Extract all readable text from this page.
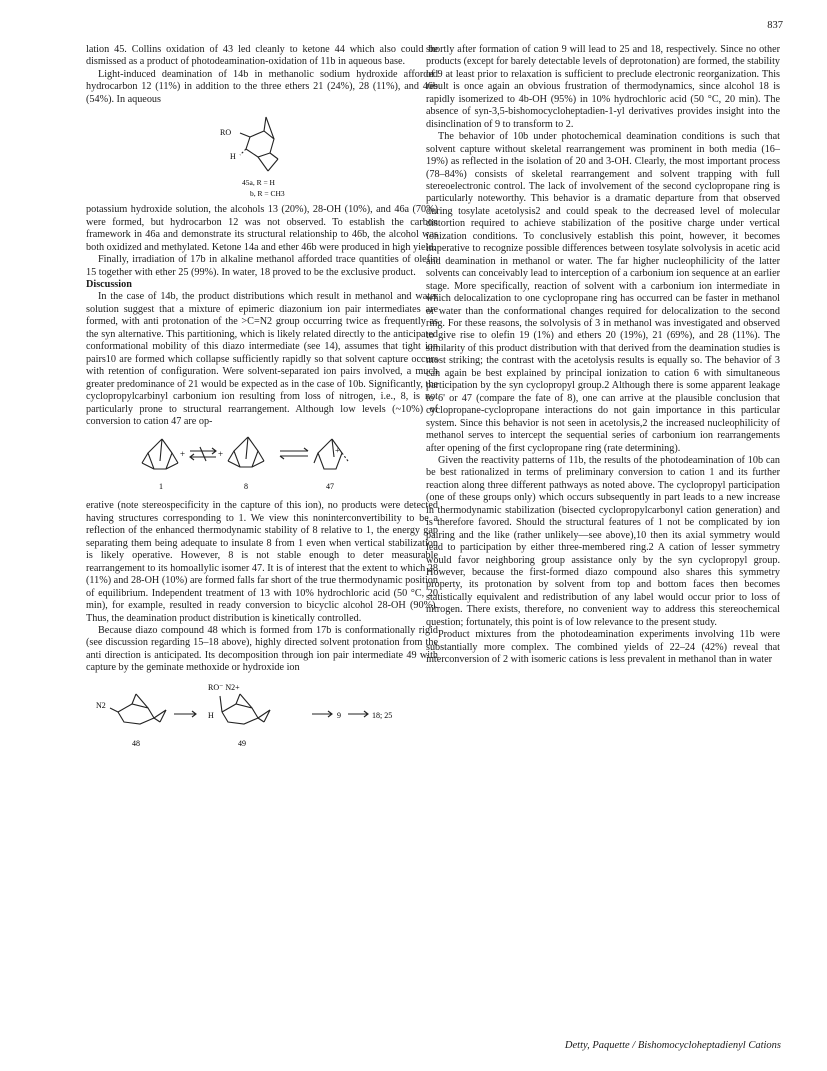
837

lation 45. Collins oxidation of 43 led cleanly to ketone 44 which also could be dismissed as a product of photodeamination-oxidation of 11b in aqueous base.

Light-induced deamination of 14b in methanolic sodium hydroxide afforded hydrocarbon 12 (11%) in addition to the three ethers 21 (24%), 28 (11%), and 46b (54%). In aqueous

RO
H
45a, R = H
b, R = CH3

potassium hydroxide solution, the alcohols 13 (20%), 28-OH (10%), and 46a (70%) were formed, but hydrocarbon 12 was not observed. To establish the carbon framework in 46a and demonstrate its structural relationship to 46b, the alcohol was both oxidized and methylated. Ketone 14a and ether 46b were produced in high yield.

Finally, irradiation of 17b in alkaline methanol afforded trace quantities of olefin 15 together with ether 25 (99%). In water, 18 proved to be the exclusive product.

Discussion

In the case of 14b, the product distributions which result in methanol and water solution suggest that a mixture of epimeric diazonium ion pair intermediates are formed, with anti protonation of the >C=N2 group occurring twice as frequently as the syn alternative. This partitioning, which is likely related directly to the anticipated conformational mobility of this diazo intermediate (see 14), assumes that tight ion pairs10 are formed which collapse sufficiently rapidly so that solvent capture occurs with retention of configuration. Were solvent-separated ion pairs involved, a much greater predominance of 21 would be expected as in the case of 10b. Significantly, the cyclopropylcarbinyl carbonium ion resulting from loss of nitrogen, i.e., 8, is not particularly prone to structural rearrangement. Although low levels (~10%) of conversion to cation 47 are op-

+	+	+
1	8	47

erative (note stereospecificity in the capture of this ion), no products were detected having structures corresponding to 1. We view this noninterconvertibility to be a reflection of the enhanced thermodynamic stability of 8 relative to 1, the energy gap separating them being adequate to insulate 8 from 1 even when vertical stabilization is likely operative. However, 8 is not stable enough to deter measurable rearrangement to its homoallylic isomer 47. It is of interest that the extent to which 28 (11%) and 28-OH (10%) are formed falls far short of the true thermodynamic position of equilibrium. Independent treatment of 13 with 10% hydrochloric acid (50 °C, 20 min), for example, resulted in ready conversion to bicyclic alcohol 28-OH (90%). Thus, the deamination product distribution is kinetically controlled.

Because diazo compound 48 which is formed from 17b is conformationally rigid (see discussion regarding 15–18 above), highly directed solvent protonation from the anti direction is anticipated. Its decomposition through ion pair intermediate 49 with capture by the geminate methoxide or hydroxide ion

N2
RO⁻ N2+
H
48	49
9	18; 25

shortly after formation of cation 9 will lead to 25 and 18, respectively. Since no other products (except for barely detectable levels of deprotonation) are formed, the stability of 9 at least prior to relaxation is sufficient to preclude electronic reorganization. This result is once again an obvious frustration of thermodynamics, since alcohol 18 is rapidly isomerized to 4b-OH (95%) in 10% hydrochloric acid (50 °C, 20 min). The absence of syn-3,5-bishomocycloheptadien-1-yl derivatives provides insight into the disinclination of 9 to transform to 2.

The behavior of 10b under photochemical deamination conditions is such that solvent capture without skeletal rearrangement was prominent in both media (16–19%) as reflected in the isolation of 20 and 3-OH. Clearly, the most important process (78–84%) consists of skeletal rearrangement and solvent trapping with full stereoelectronic control. The lack of involvement of the second cyclopropane ring is particularly noteworthy. This behavior is a dramatic departure from that observed during tosylate acetolysis2 and could speak to the decreased level of molecular distortion required to achieve stabilization of the positive charge under vertical ionization conditions. To conclusively establish this point, however, it becomes imperative to recognize possible differences between tosylate solvolysis in acetic acid and deamination in methanol or water. The far higher nucleophilicity of the latter solvents can conceivably lead to interception of a carbonium ion sequence at an earlier stage. More specifically, reaction of solvent with a carbonium ion intermediate in which delocalization to one cyclopropane ring has occurred can be faster in methanol or water than the conformational changes required for delocalization to the second ring. For these reasons, the solvolysis of 3 in methanol was investigated and observed to give rise to olefin 19 (1%) and ethers 20 (19%), 21 (69%), and 28 (11%). The similarity of this product distribution with that derived from the deamination studies is most striking; the contrast with the acetolysis results is equally so. The behavior of 3 can again be best explained by principal ionization to cation 6 with simultaneous participation by the syn cyclopropyl group.2 Although there is some apparent leakage to 6' or 47 (compare the fate of 8), one can arrive at the plausible conclusion that cyclopropane-cyclopropane interactions do not gain importance in this particular system. Since this behavior is not seen in acetolysis,2 the increased nucleophilicity of methanol serves to intercept the sequential series of carbonium ion rearrangements after opening of the first cyclopropane ring (rate determining).

Given the reactivity patterns of 11b, the results of the photodeamination of 10b can be best rationalized in terms of preliminary conversion to cation 1 and its further reaction along three different pathways as noted above. The cyclopropyl participation (one of these groups only) which occurs subsequently in part leads to a new increase in thermodynamic stabilization (bisected cyclopropylcarbonyl cation generation) and is therefore favored. Should the structural features of 1 not be complicated by ion pairing and the like (rather unlikely—see above),10 then its axial symmetry would lead to participation by either three-membered ring.2 A cation of lesser symmetry would favor neighboring group assistance only by the syn cyclopropyl group. However, because the first-formed diazo compound also shares this symmetry property, its protonation by solvent from top and bottom faces then becomes statistically equivalent and redistribution of any label would occur prior to loss of nitrogen. There exists, therefore, no convenient way to address this stereochemical question; fortunately, this point is of low relevance to the present study.

Product mixtures from the photodeamination experiments involving 11b were substantially more complex. The combined yields of 22–24 (42%) reveal that interconversion of 2 with isomeric cations is less prevalent in methanol than in water

Detty, Paquette / Bishomocycloheptadienyl Cations
